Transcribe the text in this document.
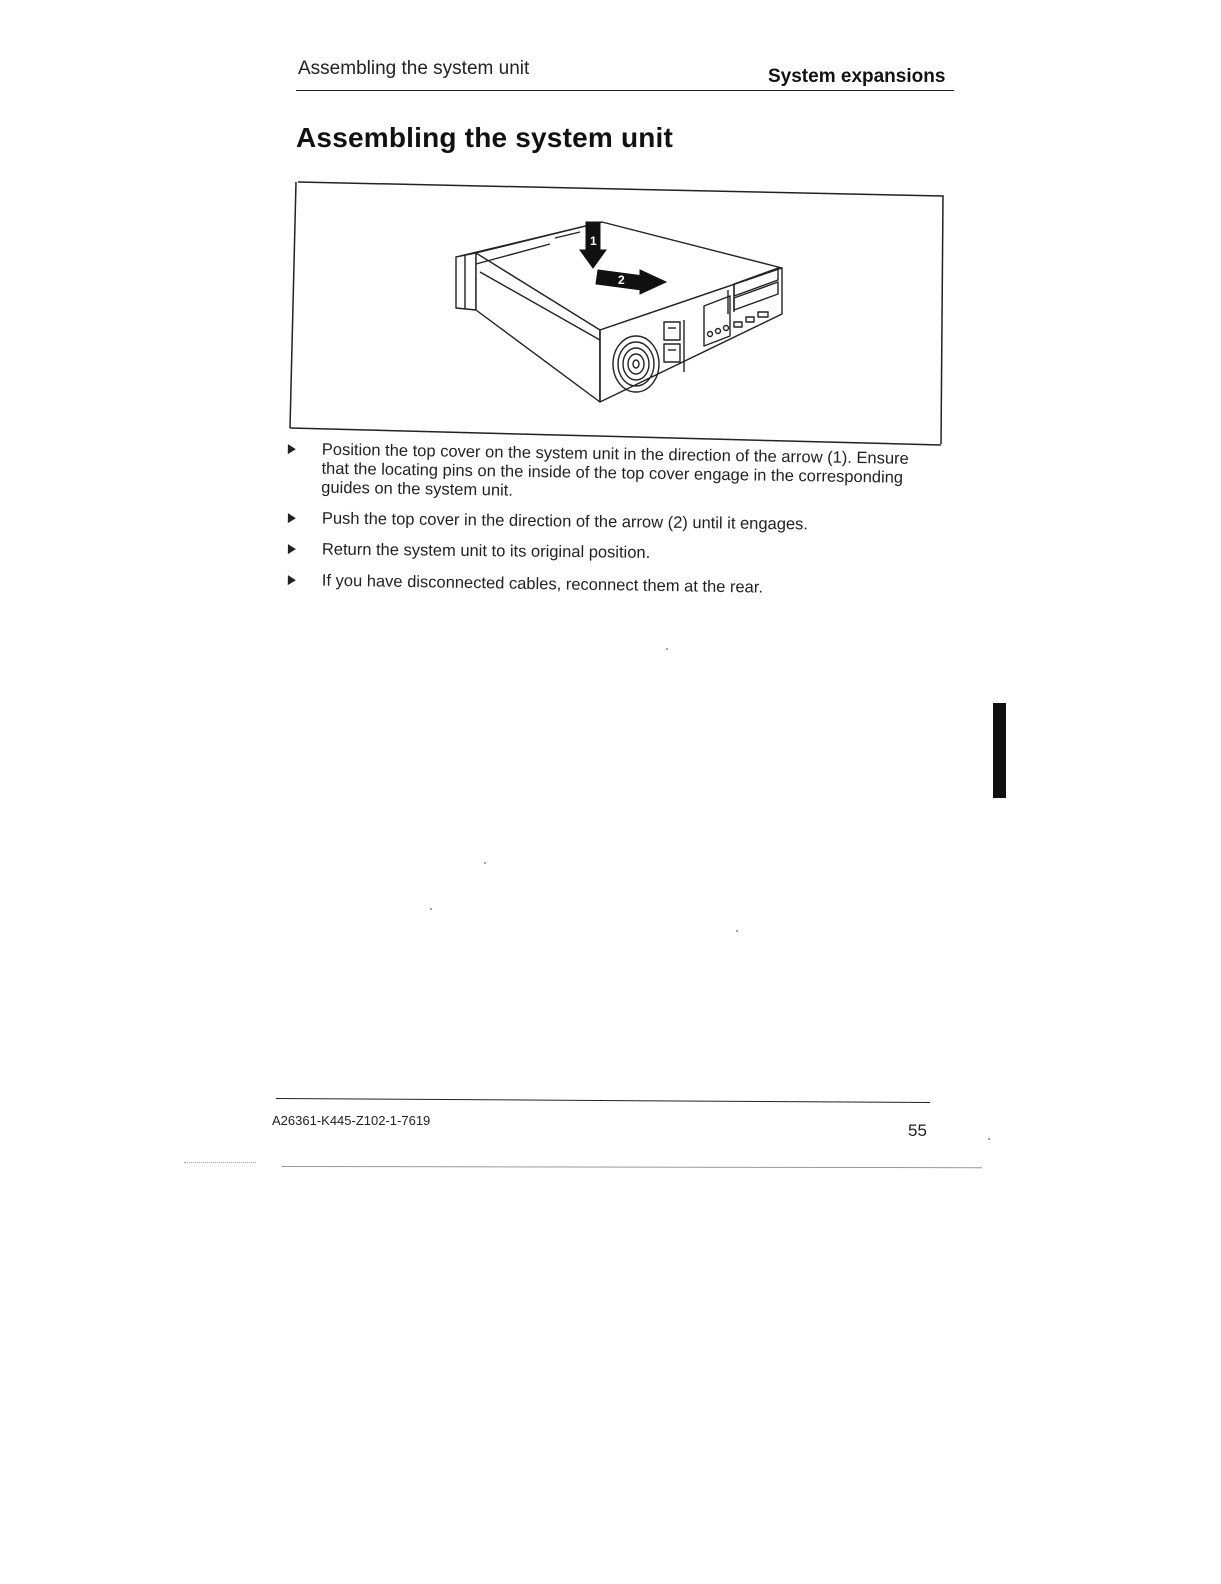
Assembling the system unit	System expansions
Assembling the system unit
1
2
Position the top cover on the system unit in the direction of the arrow (1). Ensure that the locating pins on the inside of the top cover engage in the corresponding guides on the system unit.
Push the top cover in the direction of the arrow (2) until it engages.
Return the system unit to its original position.
If you have disconnected cables, reconnect them at the rear.
A26361-K445-Z102-1-7619
55
